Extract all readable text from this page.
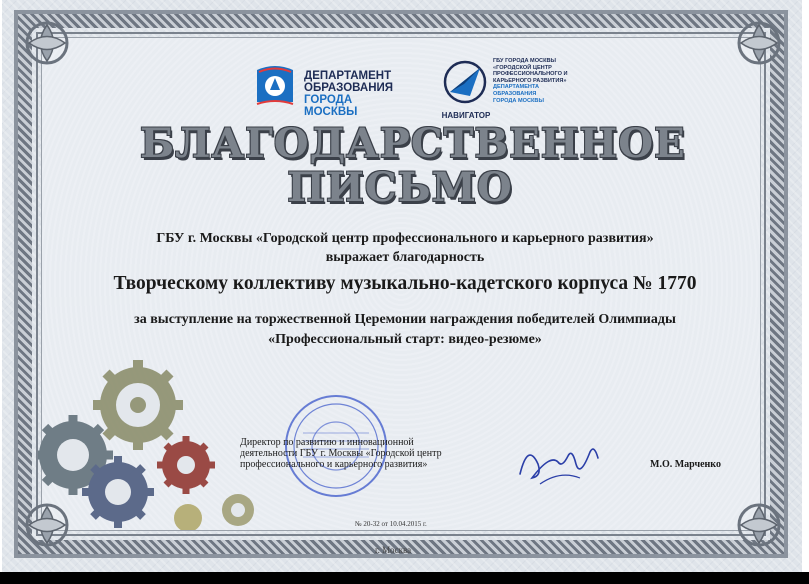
ДЕПАРТАМЕНТ
ОБРАЗОВАНИЯ
ГОРОДА МОСКВЫ	НАВИГАТОР
ГБУ ГОРОДА МОСКВЫ
«ГОРОДСКОЙ ЦЕНТР
ПРОФЕССИОНАЛЬНОГО И
КАРЬЕРНОГО РАЗВИТИЯ»
ДЕПАРТАМЕНТА ОБРАЗОВАНИЯ
ГОРОДА МОСКВЫ
БЛАГОДАРСТВЕННОЕ
ПИСЬМО
ГБУ г. Москвы «Городской центр профессионального и карьерного развития»
выражает благодарность
Творческому коллективу музыкально-кадетского корпуса № 1770
за выступление на торжественной Церемонии награждения победителей Олимпиады
«Профессиональный старт: видео-резюме»
Директор по развитию и инновационной
деятельности ГБУ г. Москвы «Городской центр
профессионального и карьерного развития»	М.О. Марченко
№ 20-32 от 10.04.2015 г.
г. Москва
